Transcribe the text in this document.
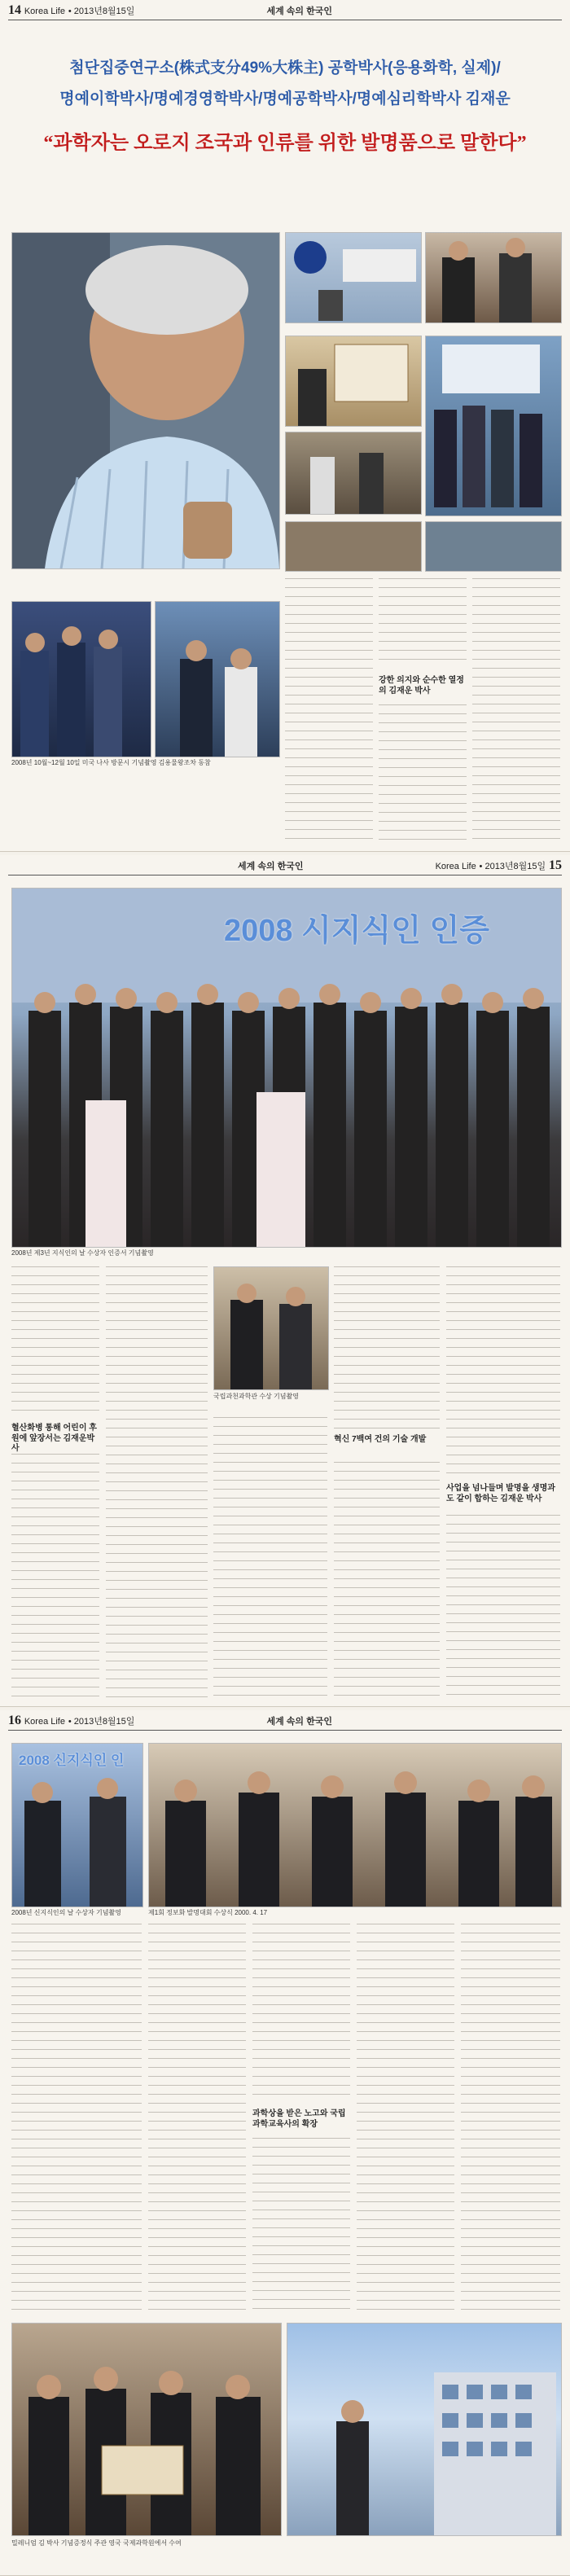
14 Korea Life • 2013년8월15일	세계 속의 한국인
첨단집중연구소(株式支分49%大株主) 공학박사(응용화학, 실제)/
명예이학박사/명예경영학박사/명예공학박사/명예심리학박사 김재운
“과학자는 오로지 조국과 인류를 위한 발명품으로 말한다”
2008년 10월~12월 10일 미국 나사 방문시 기념촬영 김용물왕조차 동참
강한 의지와 순수한 열정의 김재운 박사
세계 속의 한국인	Korea Life • 2013년8월15일 15
2008 시지식인 인증
2008년 제3년 지식인의 날 수상자 인증서 기념촬영
혈산화병 통해 어린이 후원에 앞장서는 김재운박사
국립과천과학관 수상 기념촬영
혁신 7백여 건의 기술 개발
사업을 넘나들며 발명을 생명과도 같이 합하는 김재운 박사
16 Korea Life • 2013년8월15일	세계 속의 한국인
2008 신지식인 인
2008년 신지식인의 날 수상자 기념촬영	제1회 정보화 발명대회 수상식 2000. 4. 17
과학상을 받은 노고와 국립과학교육사의 확장
밀레니엄 김 박사 기념증정식 주관 영국 국제과학원에서 수여
